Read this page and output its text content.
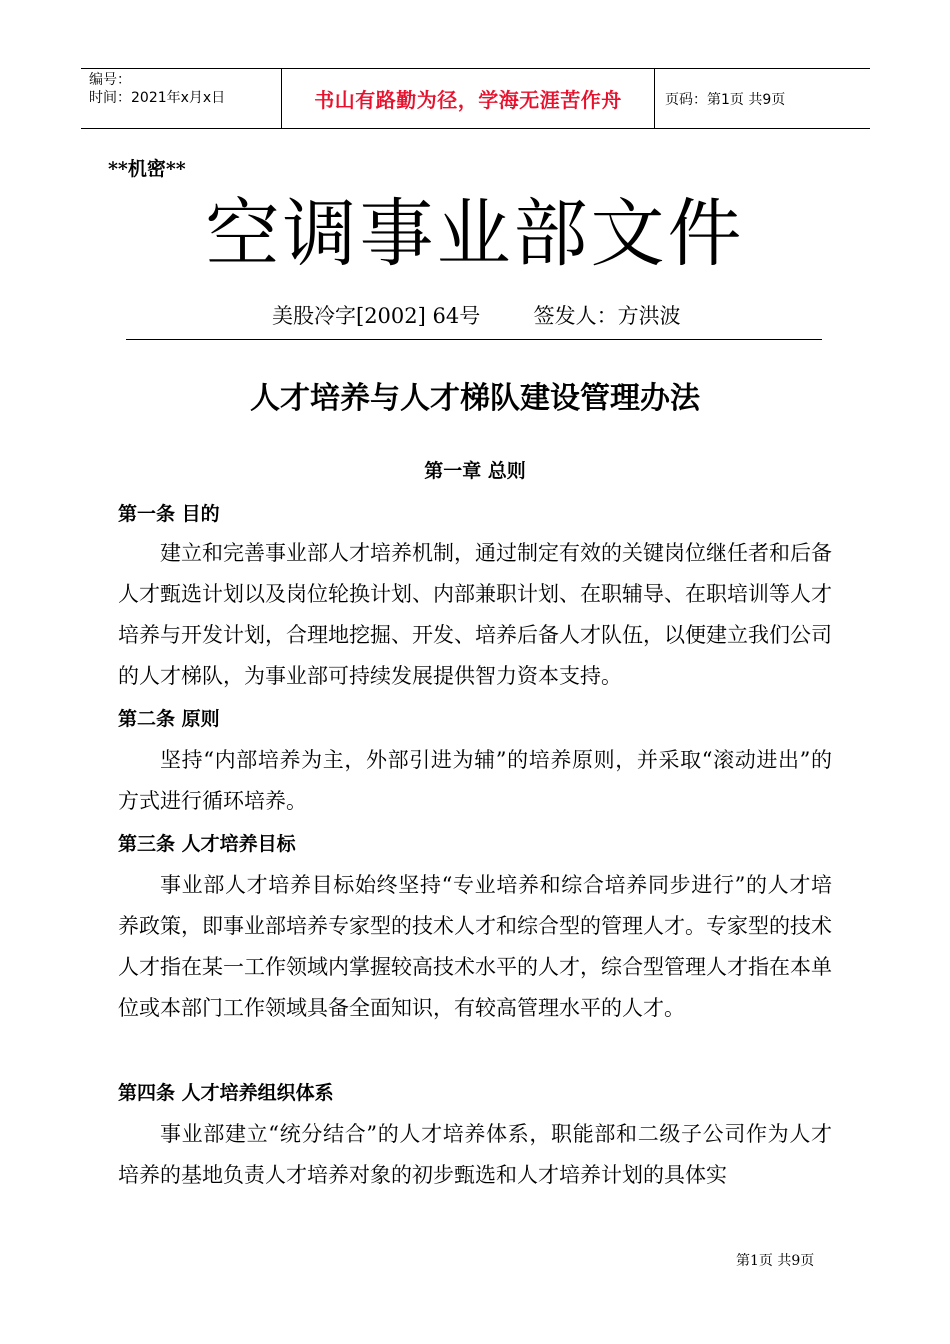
编号：
时间：2021年x月x日	书山有路勤为径，学海无涯苦作舟	页码：第1页 共9页
**机密**
空调事业部文件
美股冷字[2002] 64号        签发人：方洪波
人才培养与人才梯队建设管理办法
第一章 总则
第一条 目的
建立和完善事业部人才培养机制，通过制定有效的关键岗位继任者和后备人才甄选计划以及岗位轮换计划、内部兼职计划、在职辅导、在职培训等人才培养与开发计划，合理地挖掘、开发、培养后备人才队伍，以便建立我们公司的人才梯队，为事业部可持续发展提供智力资本支持。
第二条 原则
坚持“内部培养为主，外部引进为辅”的培养原则，并采取“滚动进出”的方式进行循环培养。
第三条 人才培养目标
事业部人才培养目标始终坚持“专业培养和综合培养同步进行”的人才培养政策，即事业部培养专家型的技术人才和综合型的管理人才。专家型的技术人才指在某一工作领域内掌握较高技术水平的人才，综合型管理人才指在本单位或本部门工作领域具备全面知识，有较高管理水平的人才。
第四条 人才培养组织体系
事业部建立“统分结合”的人才培养体系，职能部和二级子公司作为人才培养的基地负责人才培养对象的初步甄选和人才培养计划的具体实
第1页 共9页
